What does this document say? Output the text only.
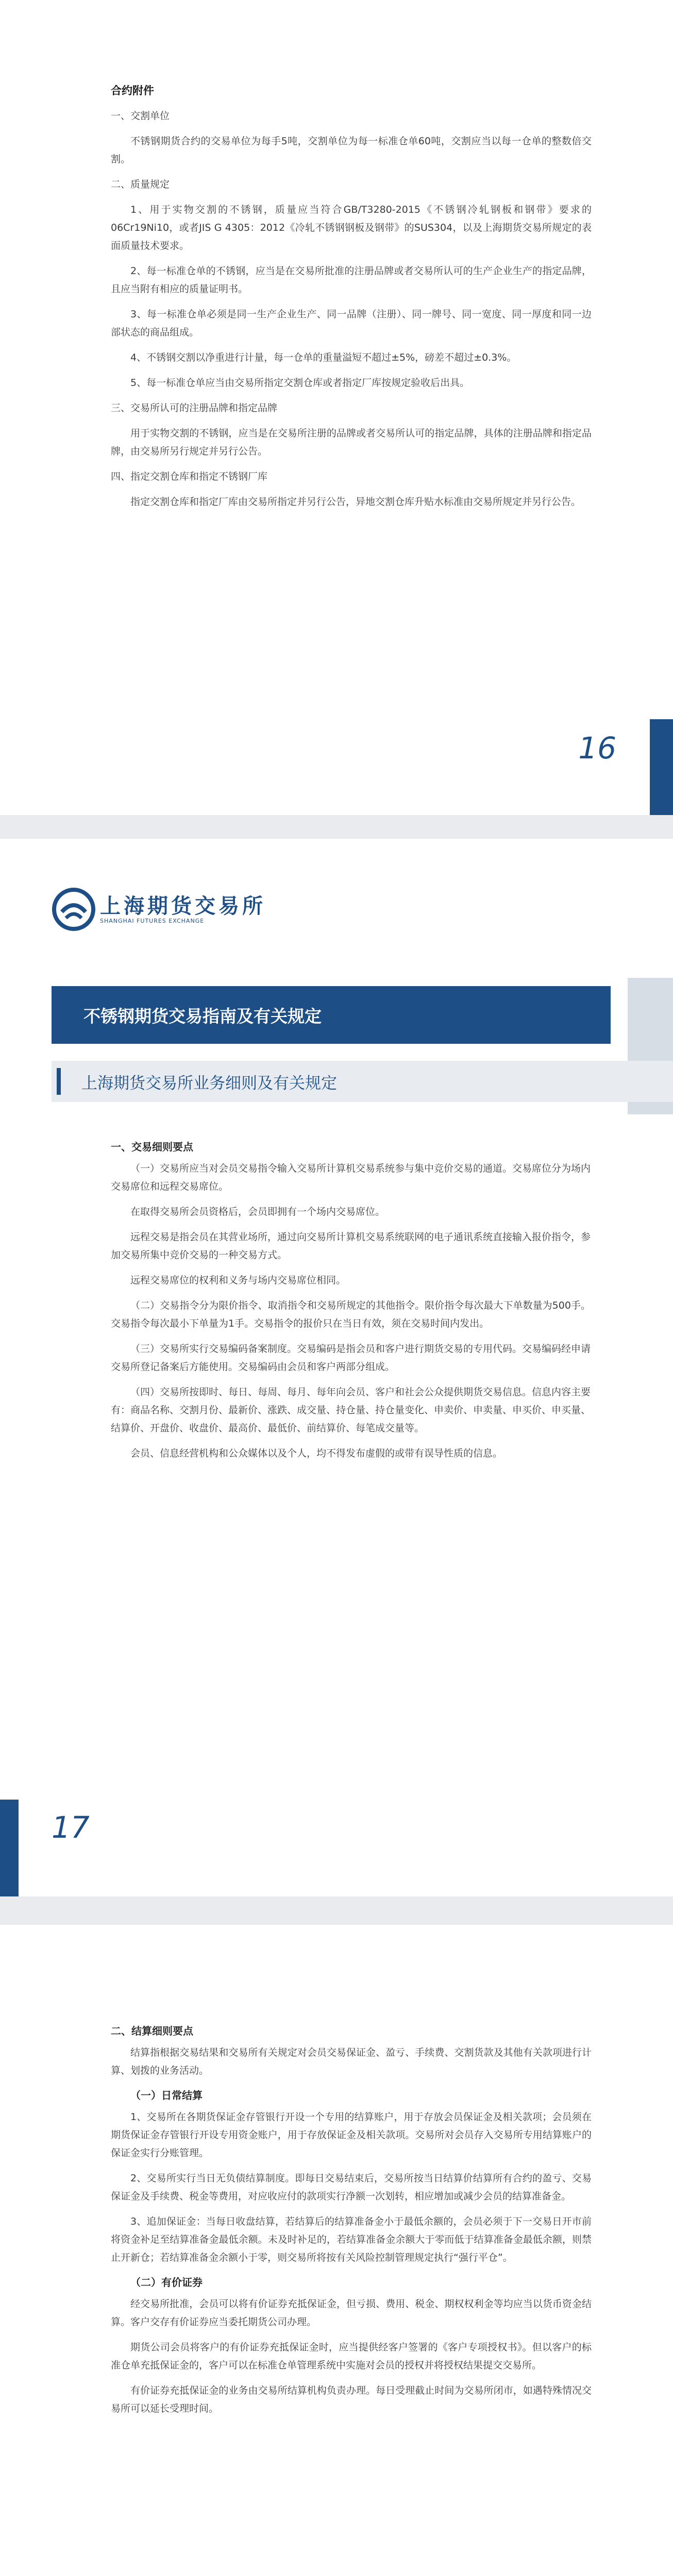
合约附件

一、交割单位

不锈钢期货合约的交易单位为每手5吨，交割单位为每一标准仓单60吨，交割应当以每一仓单的整数倍交割。

二、质量规定

1、用于实物交割的不锈钢，质量应当符合GB/T3280-2015《不锈钢冷轧钢板和钢带》要求的06Cr19Ni10，或者JIS G 4305：2012《冷轧不锈钢钢板及钢带》的SUS304，以及上海期货交易所规定的表面质量技术要求。

2、每一标准仓单的不锈钢，应当是在交易所批准的注册品牌或者交易所认可的生产企业生产的指定品牌，且应当附有相应的质量证明书。

3、每一标准仓单必须是同一生产企业生产、同一品牌（注册）、同一牌号、同一宽度、同一厚度和同一边部状态的商品组成。

4、不锈钢交割以净重进行计量，每一仓单的重量溢短不超过±5%，磅差不超过±0.3%。

5、每一标准仓单应当由交易所指定交割仓库或者指定厂库按规定验收后出具。

三、交易所认可的注册品牌和指定品牌

用于实物交割的不锈钢，应当是在交易所注册的品牌或者交易所认可的指定品牌，具体的注册品牌和指定品牌，由交易所另行规定并另行公告。

四、指定交割仓库和指定不锈钢厂库

指定交割仓库和指定厂库由交易所指定并另行公告，异地交割仓库升贴水标准由交易所规定并另行公告。

16
上海期货交易所
SHANGHAI FUTURES EXCHANGE
不锈钢期货交易指南及有关规定
上海期货交易所业务细则及有关规定

一、交易细则要点

（一）交易所应当对会员交易指令输入交易所计算机交易系统参与集中竞价交易的通道。交易席位分为场内交易席位和远程交易席位。

在取得交易所会员资格后，会员即拥有一个场内交易席位。

远程交易是指会员在其营业场所，通过向交易所计算机交易系统联网的电子通讯系统直接输入报价指令，参加交易所集中竞价交易的一种交易方式。

远程交易席位的权利和义务与场内交易席位相同。

（二）交易指令分为限价指令、取消指令和交易所规定的其他指令。限价指令每次最大下单数量为500手。交易指令每次最小下单量为1手。交易指令的报价只在当日有效，须在交易时间内发出。

（三）交易所实行交易编码备案制度。交易编码是指会员和客户进行期货交易的专用代码。交易编码经申请交易所登记备案后方能使用。交易编码由会员和客户两部分组成。

（四）交易所按即时、每日、每周、每月、每年向会员、客户和社会公众提供期货交易信息。信息内容主要有：商品名称、交割月份、最新价、涨跌、成交量、持仓量、持仓量变化、申卖价、申卖量、申买价、申买量、结算价、开盘价、收盘价、最高价、最低价、前结算价、每笔成交量等。

会员、信息经营机构和公众媒体以及个人，均不得发布虚假的或带有误导性质的信息。

17

二、结算细则要点

结算指根据交易结果和交易所有关规定对会员交易保证金、盈亏、手续费、交割货款及其他有关款项进行计算、划拨的业务活动。

（一）日常结算

1、交易所在各期货保证金存管银行开设一个专用的结算账户，用于存放会员保证金及相关款项；会员须在期货保证金存管银行开设专用资金账户，用于存放保证金及相关款项。交易所对会员存入交易所专用结算账户的保证金实行分账管理。

2、交易所实行当日无负债结算制度。即每日交易结束后，交易所按当日结算价结算所有合约的盈亏、交易保证金及手续费、税金等费用，对应收应付的款项实行净额一次划转，相应增加或减少会员的结算准备金。

3、追加保证金：当每日收盘结算，若结算后的结算准备金小于最低余额的，会员必须于下一交易日开市前将资金补足至结算准备金最低余额。未及时补足的，若结算准备金余额大于零而低于结算准备金最低余额，则禁止开新仓；若结算准备金余额小于零，则交易所将按有关风险控制管理规定执行“强行平仓”。

（二）有价证券

经交易所批准，会员可以将有价证券充抵保证金，但亏损、费用、税金、期权权利金等均应当以货币资金结算。客户交存有价证券应当委托期货公司办理。

期货公司会员将客户的有价证券充抵保证金时，应当提供经客户签署的《客户专项授权书》。但以客户的标准仓单充抵保证金的，客户可以在标准仓单管理系统中实施对会员的授权并将授权结果提交交易所。

有价证券充抵保证金的业务由交易所结算机构负责办理。每日受理截止时间为交易所闭市，如遇特殊情况交易所可以延长受理时间。
